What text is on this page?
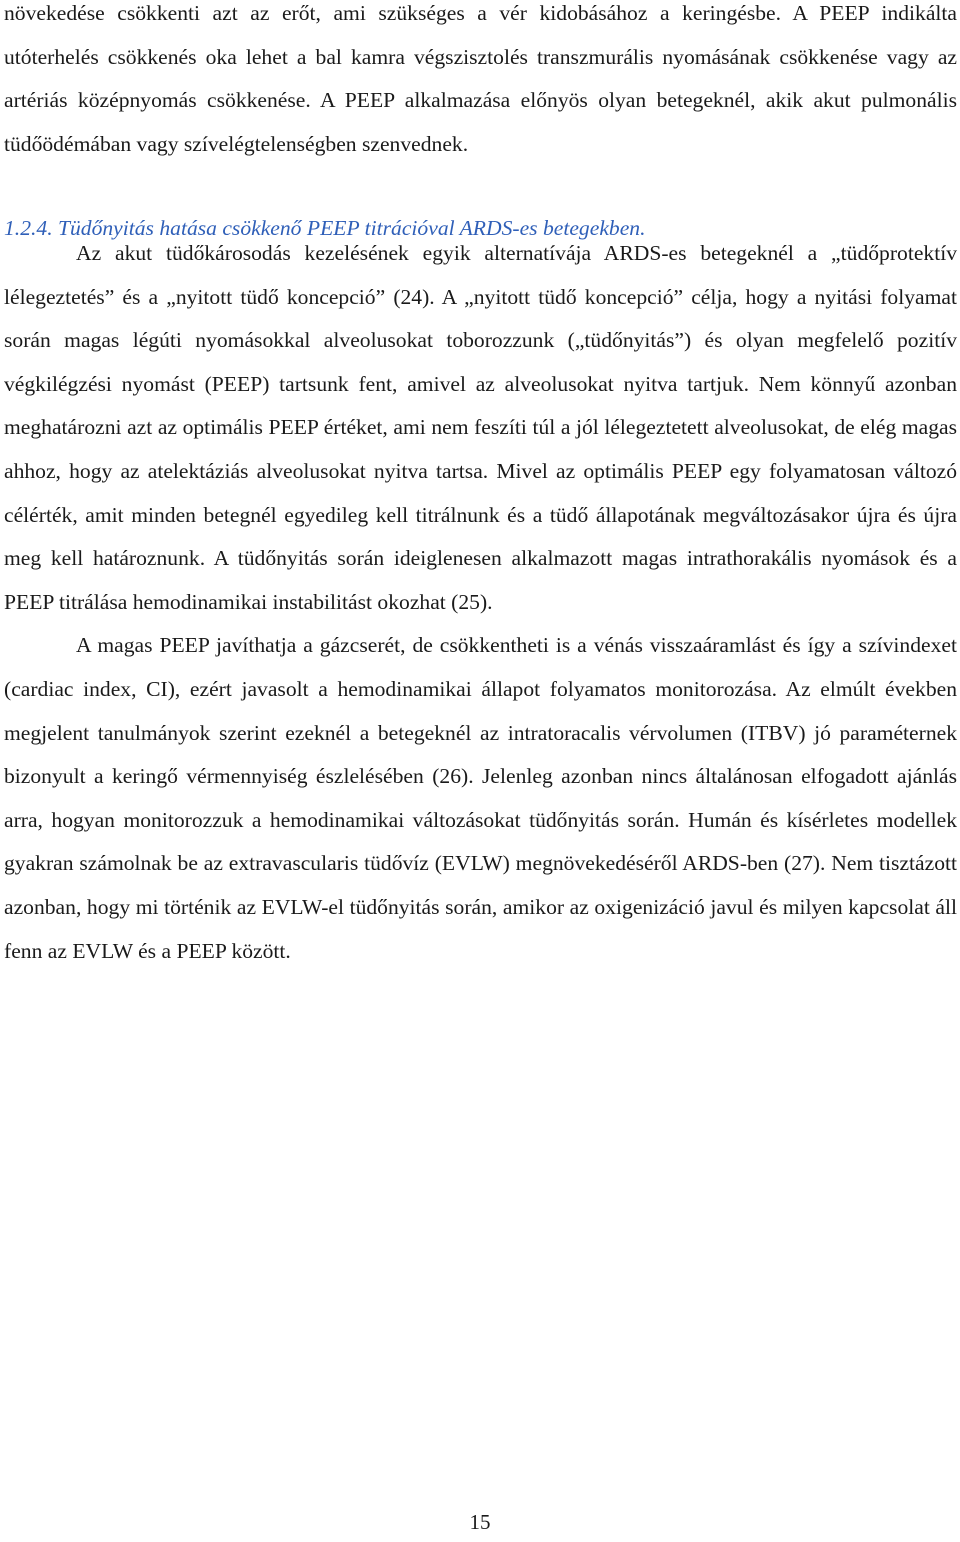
növekedése csökkenti azt az erőt, ami szükséges a vér kidobásához a keringésbe. A PEEP indikálta utóterhelés csökkenés oka lehet a bal kamra végszisztolés transzmurális nyomásának csökkenése vagy az artériás középnyomás csökkenése. A PEEP alkalmazása előnyös olyan betegeknél, akik akut pulmonális tüdőödémában vagy szívelégtelenségben szenvednek.

1.2.4. Tüdőnyitás hatása csökkenő PEEP titrációval ARDS-es betegekben.

Az akut tüdőkárosodás kezelésének egyik alternatívája ARDS-es betegeknél a „tüdőprotektív lélegeztetés” és a „nyitott tüdő koncepció” (24). A „nyitott tüdő koncepció” célja, hogy a nyitási folyamat során magas légúti nyomásokkal alveolusokat toborozzunk („tüdőnyitás”) és olyan megfelelő pozitív végkilégzési nyomást (PEEP) tartsunk fent, amivel az alveolusokat nyitva tartjuk. Nem könnyű azonban meghatározni azt az optimális PEEP értéket, ami nem feszíti túl a jól lélegeztetett alveolusokat, de elég magas ahhoz, hogy az atelektáziás alveolusokat nyitva tartsa. Mivel az optimális PEEP egy folyamatosan változó célérték, amit minden betegnél egyedileg kell titrálnunk és a tüdő állapotának megváltozásakor újra és újra meg kell határoznunk. A tüdőnyitás során ideiglenesen alkalmazott magas intrathorakális nyomások és a PEEP titrálása hemodinamikai instabilitást okozhat (25).

A magas PEEP javíthatja a gázcserét, de csökkentheti is a vénás visszaáramlást és így a szívindexet (cardiac index, CI), ezért javasolt a hemodinamikai állapot folyamatos monitorozása. Az elmúlt években megjelent tanulmányok szerint ezeknél a betegeknél az intratoracalis vérvolumen (ITBV) jó paraméternek bizonyult a keringő vérmennyiség észlelésében (26). Jelenleg azonban nincs általánosan elfogadott ajánlás arra, hogyan monitorozzuk a hemodinamikai változásokat tüdőnyitás során. Humán és kísérletes modellek gyakran számolnak be az extravascularis tüdővíz (EVLW) megnövekedéséről ARDS-ben (27). Nem tisztázott azonban, hogy mi történik az EVLW-el tüdőnyitás során, amikor az oxigenizáció javul és milyen kapcsolat áll fenn az EVLW és a PEEP között.

15
